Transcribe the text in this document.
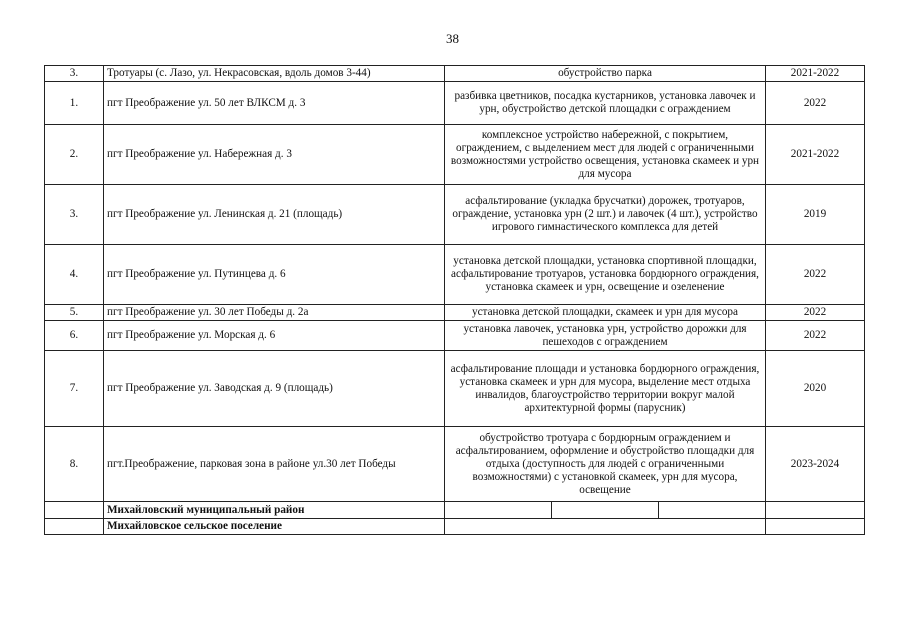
38
3.	Тротуары (с. Лазо, ул. Некрасовская, вдоль домов 3-44)	обустройство парка	2021-2022
1.	пгт Преображение ул. 50 лет ВЛКСМ д. 3	разбивка цветников, посадка кустарников, установка лавочек и урн, обустройство детской площадки с ограждением	2022
2.	пгт Преображение ул. Набережная д. 3	комплексное устройство набережной, с покрытием, ограждением, с выделением мест для людей с ограниченными возможностями устройство освещения, установка скамеек и урн для мусора	2021-2022
3.	пгт Преображение ул. Ленинская д. 21 (площадь)	асфальтирование (укладка брусчатки) дорожек, тротуаров, ограждение, установка урн (2 шт.) и лавочек (4 шт.), устройство игрового гимнастического комплекса для детей	2019
4.	пгт Преображение ул. Путинцева д. 6	установка детской площадки, установка спортивной площадки, асфальтирование тротуаров, установка бордюрного ограждения, установка скамеек и урн, освещение и озеленение	2022
5.	пгт Преображение ул. 30 лет Победы д. 2а	установка детской площадки, скамеек и урн для мусора	2022
6.	пгт Преображение ул. Морская д. 6	установка лавочек, установка урн, устройство дорожки для пешеходов с ограждением	2022
7.	пгт Преображение ул. Заводская д. 9 (площадь)	асфальтирование площади и установка бордюрного ограждения, установка скамеек и урн для мусора, выделение мест отдыха инвалидов, благоустройство территории вокруг малой архитектурной формы (парусник)	2020
8.	пгт.Преображение, парковая зона в районе ул.30 лет Победы	обустройство тротуара с бордюрным ограждением и асфальтированием, оформление и обустройство площадки для отдыха (доступность для людей с ограниченными возможностями) с установкой скамеек, урн для мусора, освещение	2023-2024
	Михайловский муниципальный район	

	Михайловское сельское поселение		
